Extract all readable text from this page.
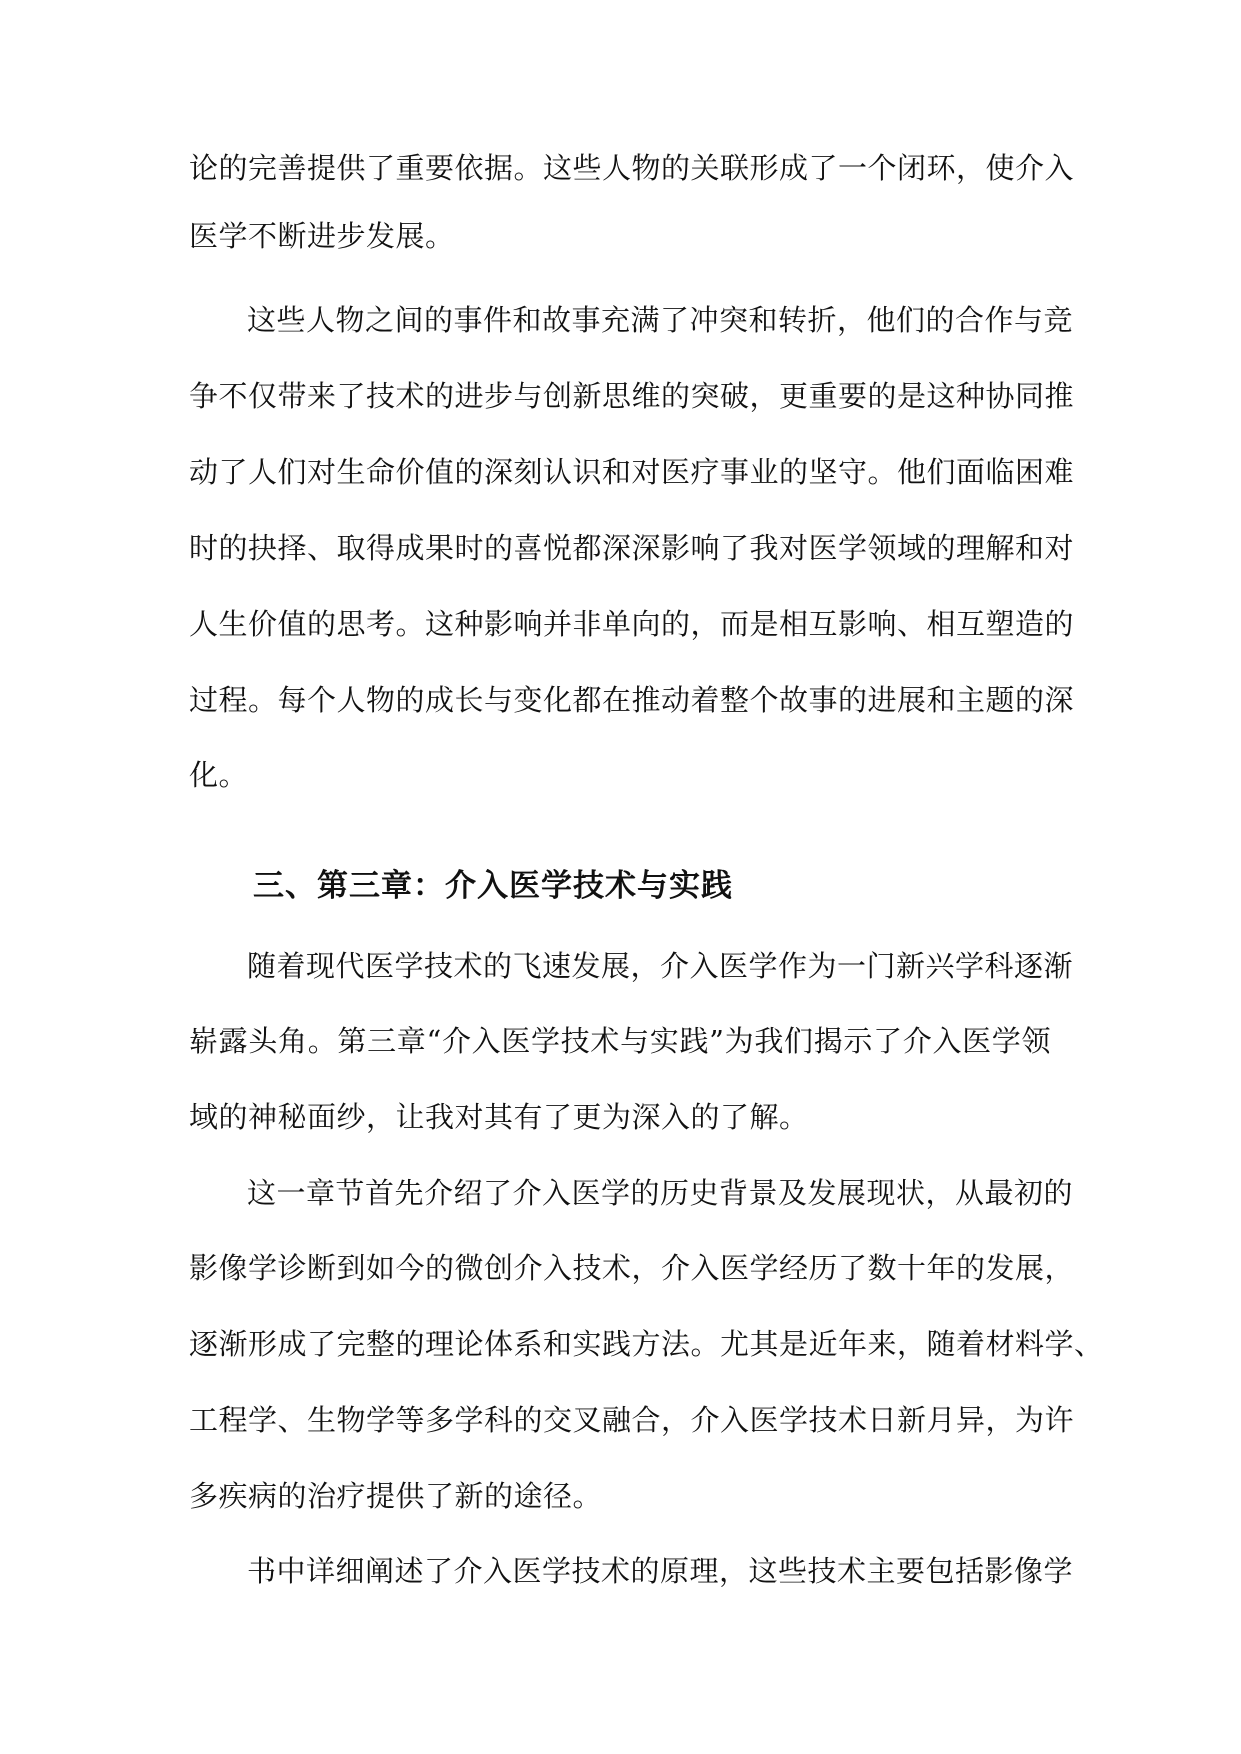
论的完善提供了重要依据。这些人物的关联形成了一个闭环，使介入
医学不断进步发展。
这些人物之间的事件和故事充满了冲突和转折，他们的合作与竞
争不仅带来了技术的进步与创新思维的突破，更重要的是这种协同推
动了人们对生命价值的深刻认识和对医疗事业的坚守。他们面临困难
时的抉择、取得成果时的喜悦都深深影响了我对医学领域的理解和对
人生价值的思考。这种影响并非单向的，而是相互影响、相互塑造的
过程。每个人物的成长与变化都在推动着整个故事的进展和主题的深
化。
三、第三章：介入医学技术与实践
随着现代医学技术的飞速发展，介入医学作为一门新兴学科逐渐
崭露头角。第三章“介入医学技术与实践”为我们揭示了介入医学领
域的神秘面纱，让我对其有了更为深入的了解。
这一章节首先介绍了介入医学的历史背景及发展现状，从最初的
影像学诊断到如今的微创介入技术，介入医学经历了数十年的发展，
逐渐形成了完整的理论体系和实践方法。尤其是近年来，随着材料学、
工程学、生物学等多学科的交叉融合，介入医学技术日新月异，为许
多疾病的治疗提供了新的途径。
书中详细阐述了介入医学技术的原理，这些技术主要包括影像学
